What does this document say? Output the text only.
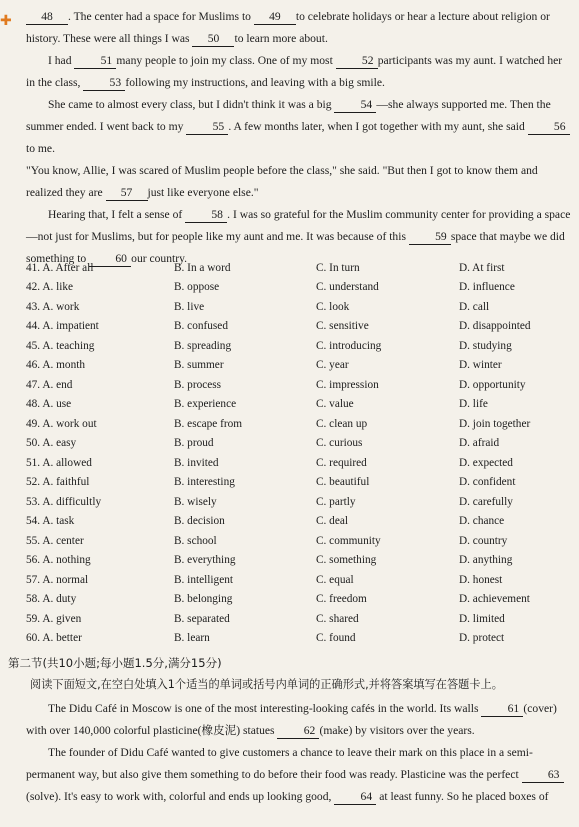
✚	48 . The center had a space for Muslims to 49 to celebrate holidays or hear a lecture about religion or history. These were all things I was 50 to learn more about.

I had	51 many people to join my class. One of my most	52 participants was my aunt. I watched her in the class,	53 following my instructions, and leaving with a big smile.

She came to almost every class, but I didn't think it was a big	54 —she always supported me. Then the summer ended. I went back to my	55 . A few months later, when I got together with my aunt, she said	56 to me.

"You know, Allie, I was scared of Muslim people before the class," she said. "But then I got to know them and realized they are 57 just like everyone else."

Hearing that, I felt a sense of	58 . I was so grateful for the Muslim community center for providing a space—not just for Muslims, but for people like my aunt and me. It was because of this	59 space that maybe we did something to	60 our country.

41. A. After all	B. In a word	C. In turn	D. At first
42. A. like	B. oppose	C. understand	D. influence
43. A. work	B. live	C. look	D. call
44. A. impatient	B. confused	C. sensitive	D. disappointed
45. A. teaching	B. spreading	C. introducing	D. studying
46. A. month	B. summer	C. year	D. winter
47. A. end	B. process	C. impression	D. opportunity
48. A. use	B. experience	C. value	D. life
49. A. work out	B. escape from	C. clean up	D. join together
50. A. easy	B. proud	C. curious	D. afraid
51. A. allowed	B. invited	C. required	D. expected
52. A. faithful	B. interesting	C. beautiful	D. confident
53. A. difficultly	B. wisely	C. partly	D. carefully
54. A. task	B. decision	C. deal	D. chance
55. A. center	B. school	C. community	D. country
56. A. nothing	B. everything	C. something	D. anything
57. A. normal	B. intelligent	C. equal	D. honest
58. A. duty	B. belonging	C. freedom	D. achievement
59. A. given	B. separated	C. shared	D. limited
60. A. better	B. learn	C. found	D. protect
第二节(共10小题;每小题1.5分,满分15分)
阅读下面短文,在空白处填入1个适当的单词或括号内单词的正确形式,并将答案填写在答题卡上。

The Didu Café in Moscow is one of the most interesting-looking cafés in the world. Its walls	61 (cover) with over 140,000 colorful plasticine(橡皮泥) statues	62 (make) by visitors over the years.

The founder of Didu Café wanted to give customers a chance to leave their mark on this place in a semi-permanent way, but also give them something to do before their food was ready. Plasticine was the perfect	63(solve). It's easy to work with, colorful and ends up looking good,	64 at least funny. So he placed boxes of
